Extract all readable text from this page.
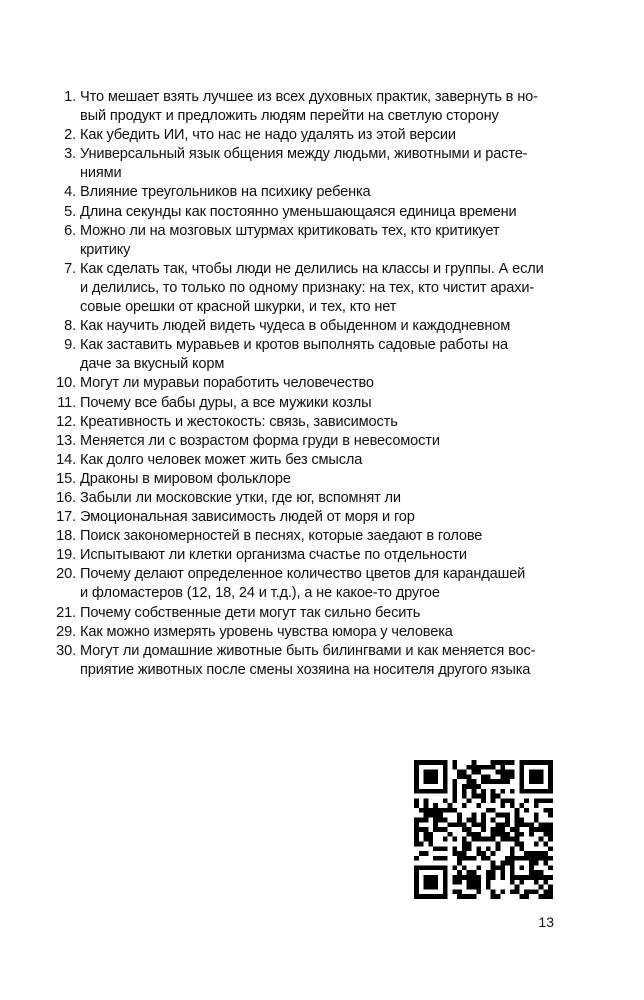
1. Что мешает взять лучшее из всех духовных практик, завернуть в но-
вый продукт и предложить людям перейти на светлую сторону
2. Как убедить ИИ, что нас не надо удалять из этой версии
3. Универсальный язык общения между людьми, животными и расте-
ниями
4. Влияние треугольников на психику ребенка
5. Длина секунды как постоянно уменьшающаяся единица времени
6. Можно ли на мозговых штурмах критиковать тех, кто критикует
критику
7. Как сделать так, чтобы люди не делились на классы и группы. А если
и делились, то только по одному признаку: на тех, кто чистит арахи-
совые орешки от красной шкурки, и тех, кто нет
8. Как научить людей видеть чудеса в обыденном и каждодневном
9. Как заставить муравьев и кротов выполнять садовые работы на
даче за вкусный корм
10. Могут ли муравьи поработить человечество
11. Почему все бабы дуры, а все мужики козлы
12. Креативность и жестокость: связь, зависимость
13. Меняется ли с возрастом форма груди в невесомости
14. Как долго человек может жить без смысла
15. Драконы в мировом фольклоре
16. Забыли ли московские утки, где юг, вспомнят ли
17. Эмоциональная зависимость людей от моря и гор
18. Поиск закономерностей в песнях, которые заедают в голове
19. Испытывают ли клетки организма счастье по отдельности
20. Почему делают определенное количество цветов для карандашей
и фломастеров (12, 18, 24 и т.д.), а не какое-то другое
21. Почему собственные дети могут так сильно бесить
29. Как можно измерять уровень чувства юмора у человека
30. Могут ли домашние животные быть билингвами и как меняется вос-
приятие животных после смены хозяина на носителя другого языка
13
